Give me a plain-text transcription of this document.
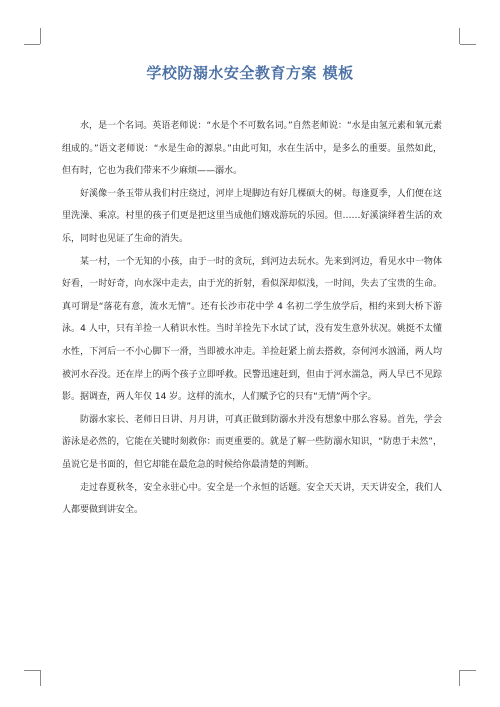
学校防溺水安全教育方案 模板

水，是一个名词。英语老师说：“水是个不可数名词。”自然老师说：“水是由氢元素和氧元素组成的。”语文老师说：“水是生命的源泉。”由此可知，水在生活中，是多么的重要。虽然如此，但有时，它也为我们带来不少麻烦——溺水。

好溪像一条玉带从我们村庄绕过，河岸上堤脚边有好几棵硕大的树。每逢夏季，人们便在这里洗澡、乘凉。村里的孩子们更是把这里当成他们嬉戏游玩的乐园。但……好溪演绎着生活的欢乐，同时也见证了生命的消失。

某一村，一个无知的小孩，由于一时的贪玩，到河边去玩水。先来到河边，看见水中一物体好看，一时好奇，向水深中走去，由于光的折射，看似深却似浅，一时间，失去了宝贵的生命。真可谓是“落花有意，流水无情”。还有长沙市花中学 4 名初二学生放学后，相约来到大桥下游泳。4 人中，只有羊捡一人稍识水性。当时羊捡先下水试了试，没有发生意外状况。姚挺不太懂水性，下河后一不小心脚下一滑，当即被水冲走。羊捡赶紧上前去搭救，奈何河水汹涌，两人均被河水吞没。还在岸上的两个孩子立即呼救。民警迅速赶到，但由于河水湍急，两人早已不见踪影。据调查，两人年仅 14 岁。这样的流水，人们赋予它的只有“无情”两个字。

防溺水家长、老师日日讲、月月讲，可真正做到防溺水并没有想象中那么容易。首先，学会游泳是必然的，它能在关键时刻救你：而更重要的。就是了解一些防溺水知识，“防患于未然”，虽说它是书面的，但它却能在最危急的时候给你最清楚的判断。

走过春夏秋冬，安全永驻心中。安全是一个永恒的话题。安全天天讲，天天讲安全，我们人人都要做到讲安全。
